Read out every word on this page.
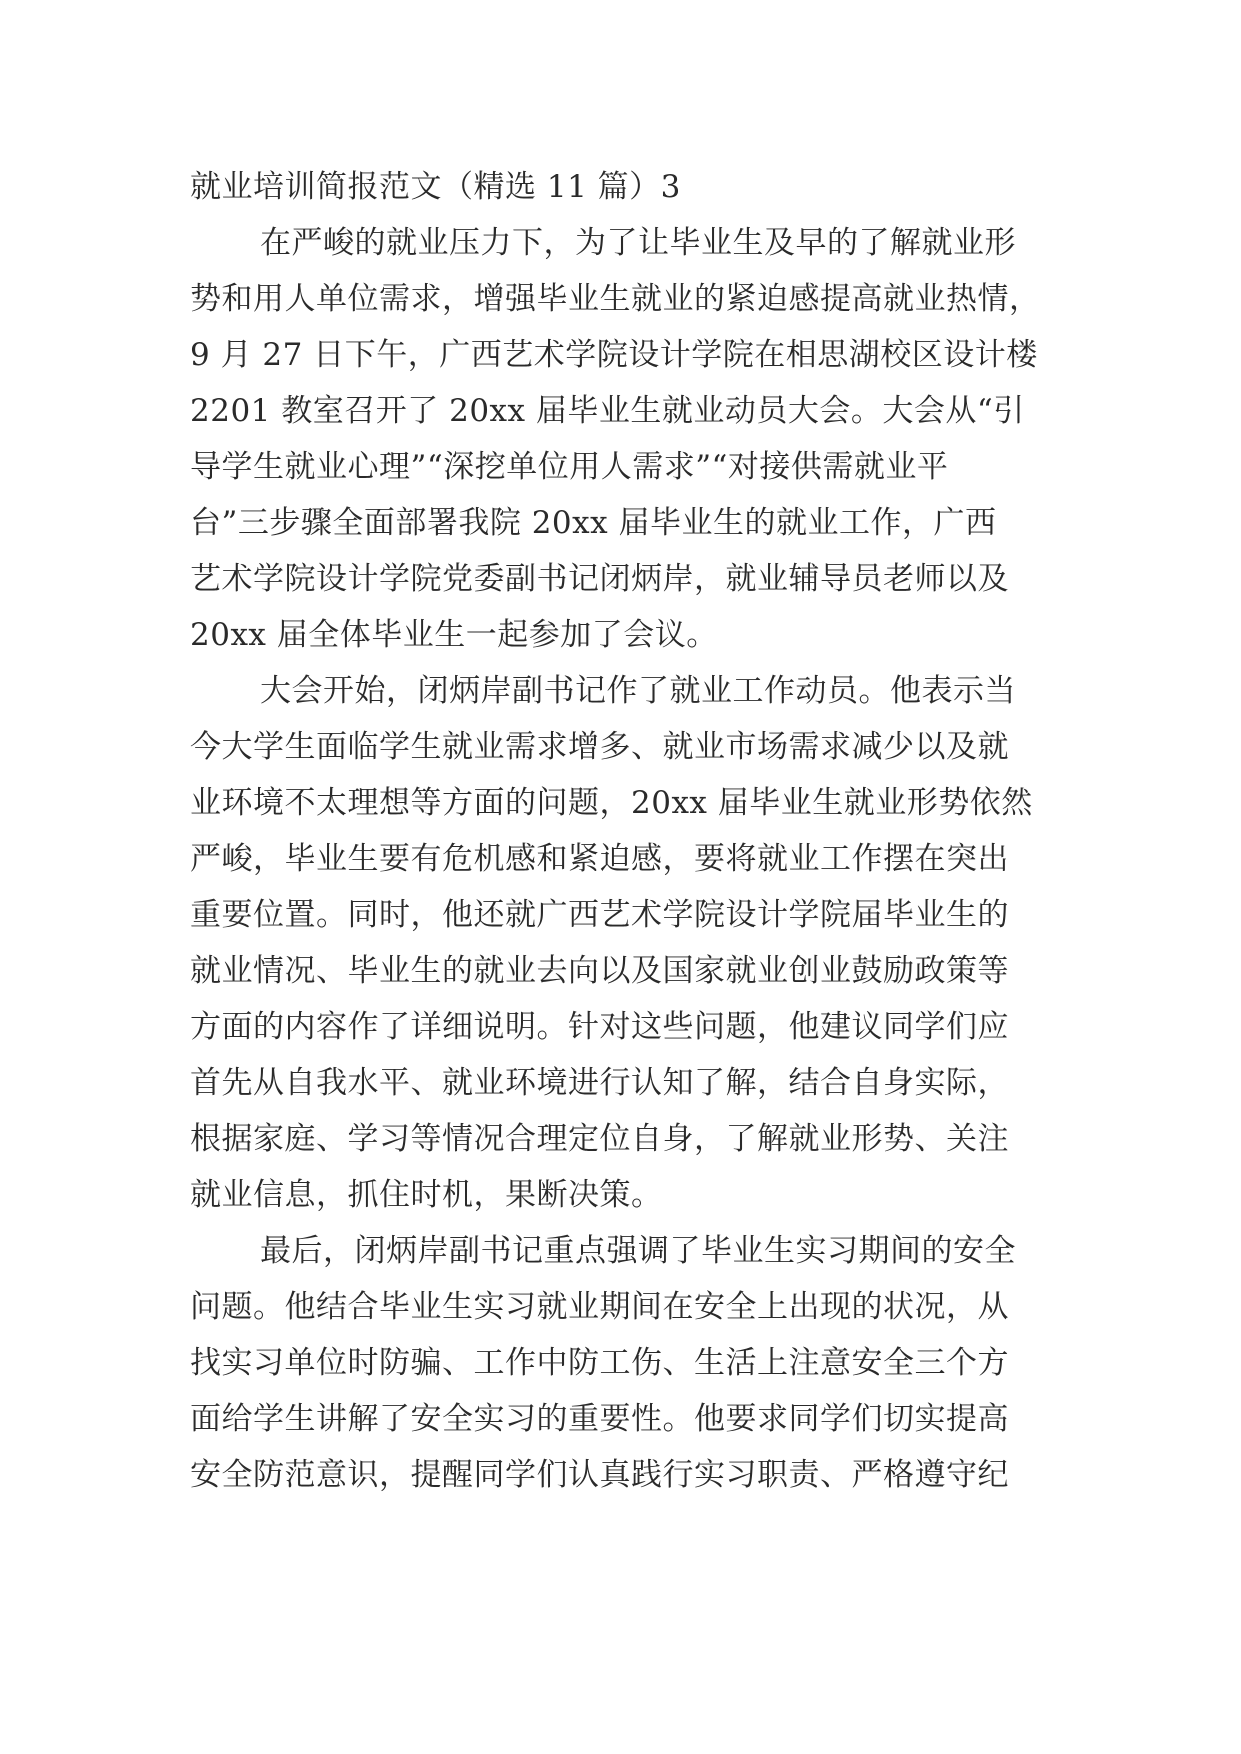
就业培训简报范文（精选 11 篇）3
在严峻的就业压力下，为了让毕业生及早的了解就业形
势和用人单位需求，增强毕业生就业的紧迫感提高就业热情，
9 月 27 日下午，广西艺术学院设计学院在相思湖校区设计楼
2201 教室召开了 20xx 届毕业生就业动员大会。大会从“引
导学生就业心理”“深挖单位用人需求”“对接供需就业平
台”三步骤全面部署我院 20xx 届毕业生的就业工作，广西
艺术学院设计学院党委副书记闭炳岸，就业辅导员老师以及
20xx 届全体毕业生一起参加了会议。
大会开始，闭炳岸副书记作了就业工作动员。他表示当
今大学生面临学生就业需求增多、就业市场需求减少以及就
业环境不太理想等方面的问题，20xx 届毕业生就业形势依然
严峻，毕业生要有危机感和紧迫感，要将就业工作摆在突出
重要位置。同时，他还就广西艺术学院设计学院届毕业生的
就业情况、毕业生的就业去向以及国家就业创业鼓励政策等
方面的内容作了详细说明。针对这些问题，他建议同学们应
首先从自我水平、就业环境进行认知了解，结合自身实际，
根据家庭、学习等情况合理定位自身，了解就业形势、关注
就业信息，抓住时机，果断决策。
最后，闭炳岸副书记重点强调了毕业生实习期间的安全
问题。他结合毕业生实习就业期间在安全上出现的状况，从
找实习单位时防骗、工作中防工伤、生活上注意安全三个方
面给学生讲解了安全实习的重要性。他要求同学们切实提高
安全防范意识，提醒同学们认真践行实习职责、严格遵守纪
